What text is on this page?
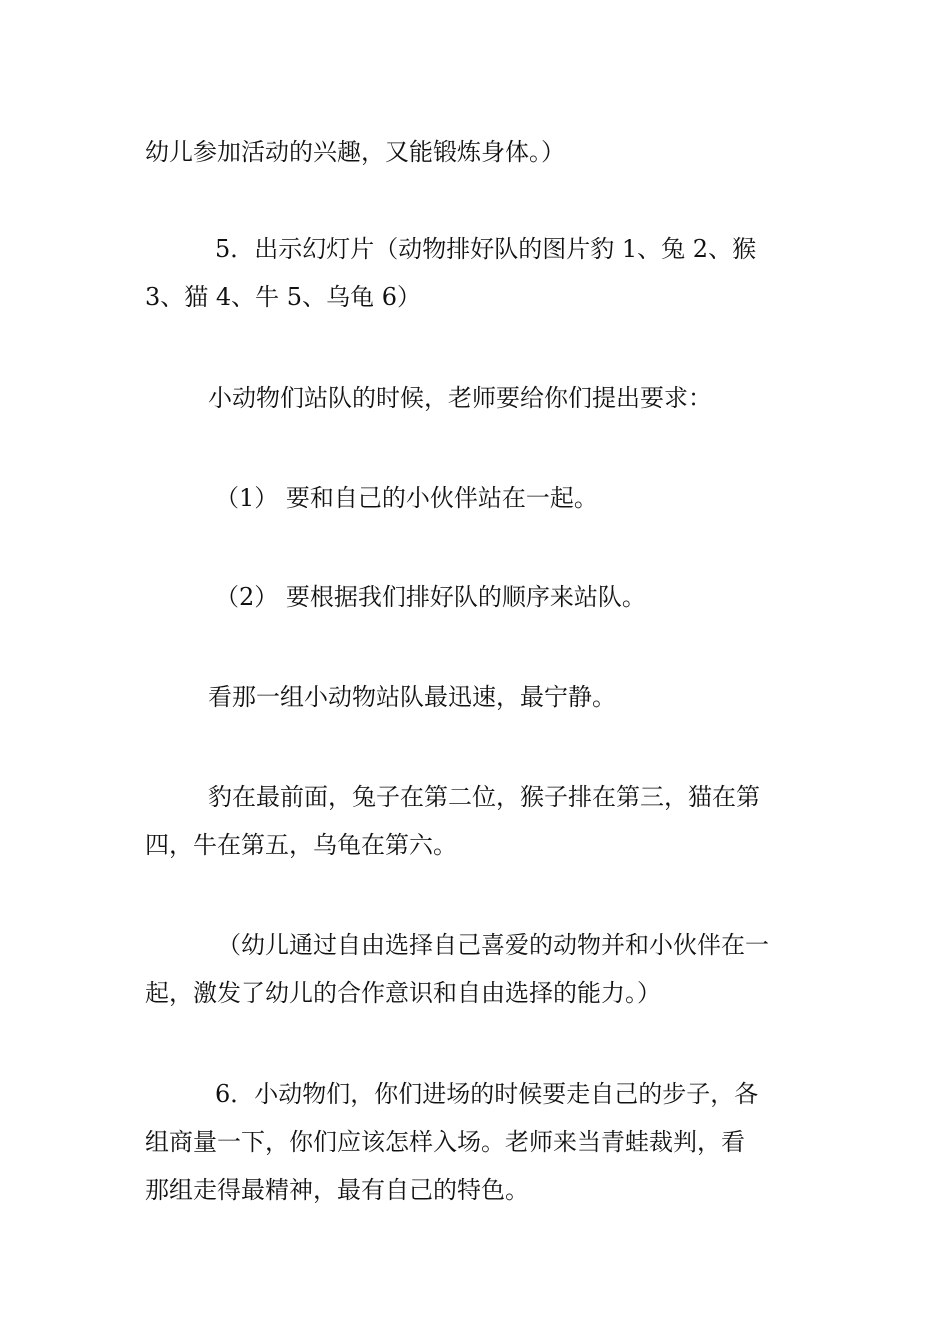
幼儿参加活动的兴趣，又能锻炼身体。）

5．出示幻灯片（动物排好队的图片豹 1、兔 2、猴
3、猫 4、牛 5、乌龟 6）

小动物们站队的时候，老师要给你们提出要求：

（1） 要和自己的小伙伴站在一起。

（2） 要根据我们排好队的顺序来站队。

看那一组小动物站队最迅速，最宁静。

豹在最前面，兔子在第二位，猴子排在第三，猫在第
四，牛在第五，乌龟在第六。

（幼儿通过自由选择自己喜爱的动物并和小伙伴在一
起，激发了幼儿的合作意识和自由选择的能力。）

6．小动物们，你们进场的时候要走自己的步子，各
组商量一下，你们应该怎样入场。老师来当青蛙裁判，看
那组走得最精神，最有自己的特色。
